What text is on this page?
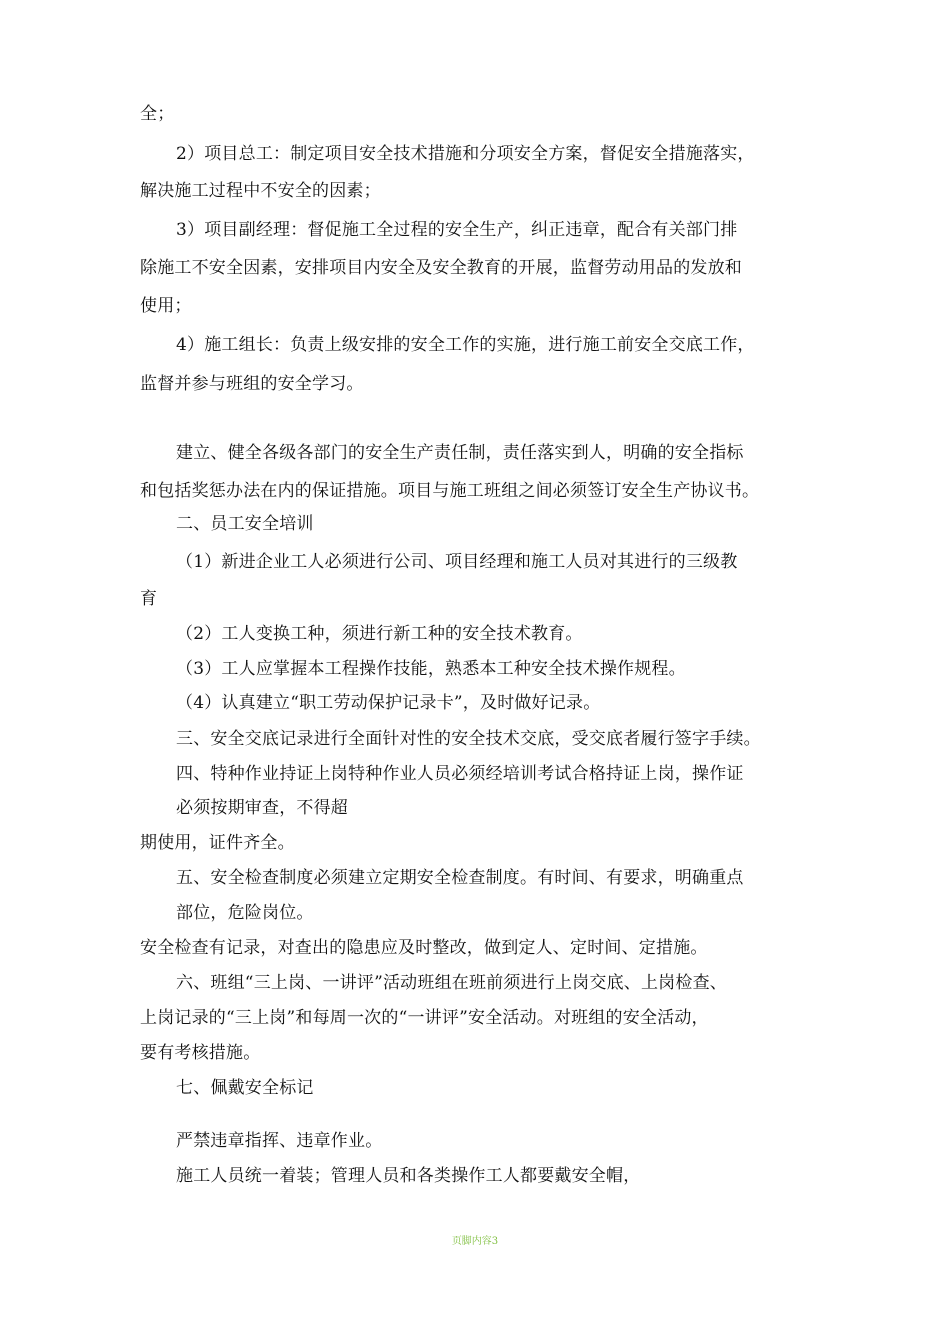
全；
2）项目总工：制定项目安全技术措施和分项安全方案，督促安全措施落实，
解决施工过程中不安全的因素；
3）项目副经理：督促施工全过程的安全生产，纠正违章，配合有关部门排
除施工不安全因素，安排项目内安全及安全教育的开展，监督劳动用品的发放和
使用；
4）施工组长：负责上级安排的安全工作的实施，进行施工前安全交底工作，
监督并参与班组的安全学习。
建立、健全各级各部门的安全生产责任制，责任落实到人，明确的安全指标
和包括奖惩办法在内的保证措施。项目与施工班组之间必须签订安全生产协议书。
二、员工安全培训
（1）新进企业工人必须进行公司、项目经理和施工人员对其进行的三级教
育
（2）工人变换工种，须进行新工种的安全技术教育。
（3）工人应掌握本工程操作技能，熟悉本工种安全技术操作规程。
（4）认真建立“职工劳动保护记录卡”，及时做好记录。
三、安全交底记录进行全面针对性的安全技术交底，受交底者履行签字手续。
四、特种作业持证上岗特种作业人员必须经培训考试合格持证上岗，操作证
必须按期审查，不得超
期使用，证件齐全。
五、安全检查制度必须建立定期安全检查制度。有时间、有要求，明确重点
部位，危险岗位。
安全检查有记录，对查出的隐患应及时整改，做到定人、定时间、定措施。
六、班组“三上岗、一讲评”活动班组在班前须进行上岗交底、上岗检查、
上岗记录的“三上岗”和每周一次的“一讲评”安全活动。对班组的安全活动，
要有考核措施。
七、佩戴安全标记
严禁违章指挥、违章作业。
施工人员统一着装；管理人员和各类操作工人都要戴安全帽，
页脚内容3
